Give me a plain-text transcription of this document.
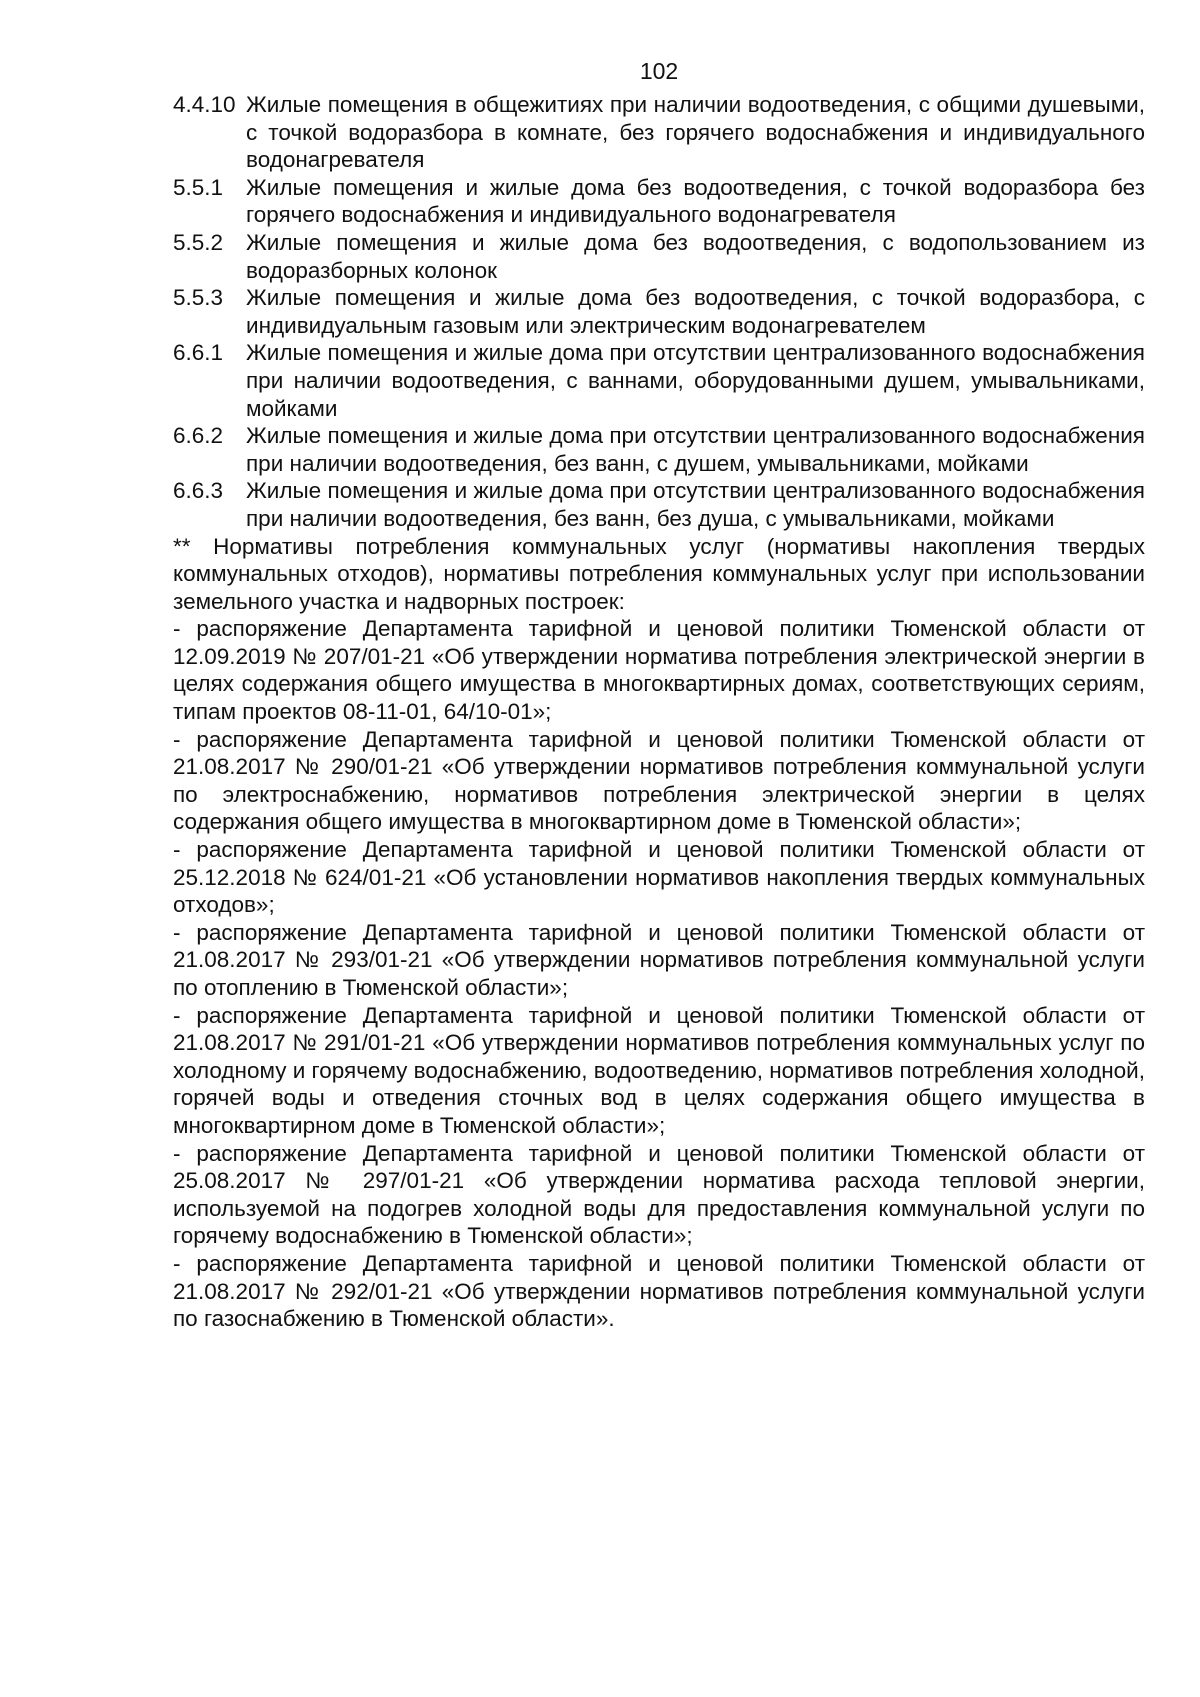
102
4.4.10 Жилые помещения в общежитиях при наличии водоотведения, с общими душевыми, с точкой водоразбора в комнате, без горячего водоснабжения и индивидуального водонагревателя
5.5.1	Жилые помещения и жилые дома без водоотведения, с точкой водоразбора без горячего водоснабжения и индивидуального водонагревателя
5.5.2	Жилые помещения и жилые дома без водоотведения, с водопользованием из водоразборных колонок
5.5.3	Жилые помещения и жилые дома без водоотведения, с точкой водоразбора, с индивидуальным газовым или электрическим водонагревателем
6.6.1	Жилые помещения и жилые дома при отсутствии централизованного водоснабжения при наличии водоотведения, с ваннами, оборудованными душем, умывальниками, мойками
6.6.2	Жилые помещения и жилые дома при отсутствии централизованного водоснабжения при наличии водоотведения, без ванн, с душем, умывальниками, мойками
6.6.3	Жилые помещения и жилые дома при отсутствии централизованного водоснабжения при наличии водоотведения, без ванн, без душа, с умывальниками, мойками
** Нормативы потребления коммунальных услуг (нормативы накопления твердых коммунальных отходов), нормативы потребления коммунальных услуг при использовании земельного участка и надворных построек:
- распоряжение Департамента тарифной и ценовой политики Тюменской области от 12.09.2019 № 207/01-21 «Об утверждении норматива потребления электрической энергии в целях содержания общего имущества в многоквартирных домах, соответствующих сериям, типам проектов 08-11-01, 64/10-01»;
- распоряжение Департамента тарифной и ценовой политики Тюменской области от 21.08.2017 № 290/01-21 «Об утверждении нормативов потребления коммунальной услуги по электроснабжению, нормативов потребления электрической энергии в целях содержания общего имущества в многоквартирном доме в Тюменской области»;
- распоряжение Департамента тарифной и ценовой политики Тюменской области от 25.12.2018 № 624/01-21 «Об установлении нормативов накопления твердых коммунальных отходов»;
- распоряжение Департамента тарифной и ценовой политики Тюменской области от 21.08.2017 № 293/01-21 «Об утверждении нормативов потребления коммунальной услуги по отоплению в Тюменской области»;
- распоряжение Департамента тарифной и ценовой политики Тюменской области от 21.08.2017 № 291/01-21 «Об утверждении нормативов потребления коммунальных услуг по холодному и горячему водоснабжению, водоотведению, нормативов потребления холодной, горячей воды и отведения сточных вод в целях содержания общего имущества в многоквартирном доме в Тюменской области»;
- распоряжение Департамента тарифной и ценовой политики Тюменской области от 25.08.2017 № 297/01-21 «Об утверждении норматива расхода тепловой энергии, используемой на подогрев холодной воды для предоставления коммунальной услуги по горячему водоснабжению в Тюменской области»;
- распоряжение Департамента тарифной и ценовой политики Тюменской области от 21.08.2017 № 292/01-21 «Об утверждении нормативов потребления коммунальной услуги по газоснабжению в Тюменской области».
